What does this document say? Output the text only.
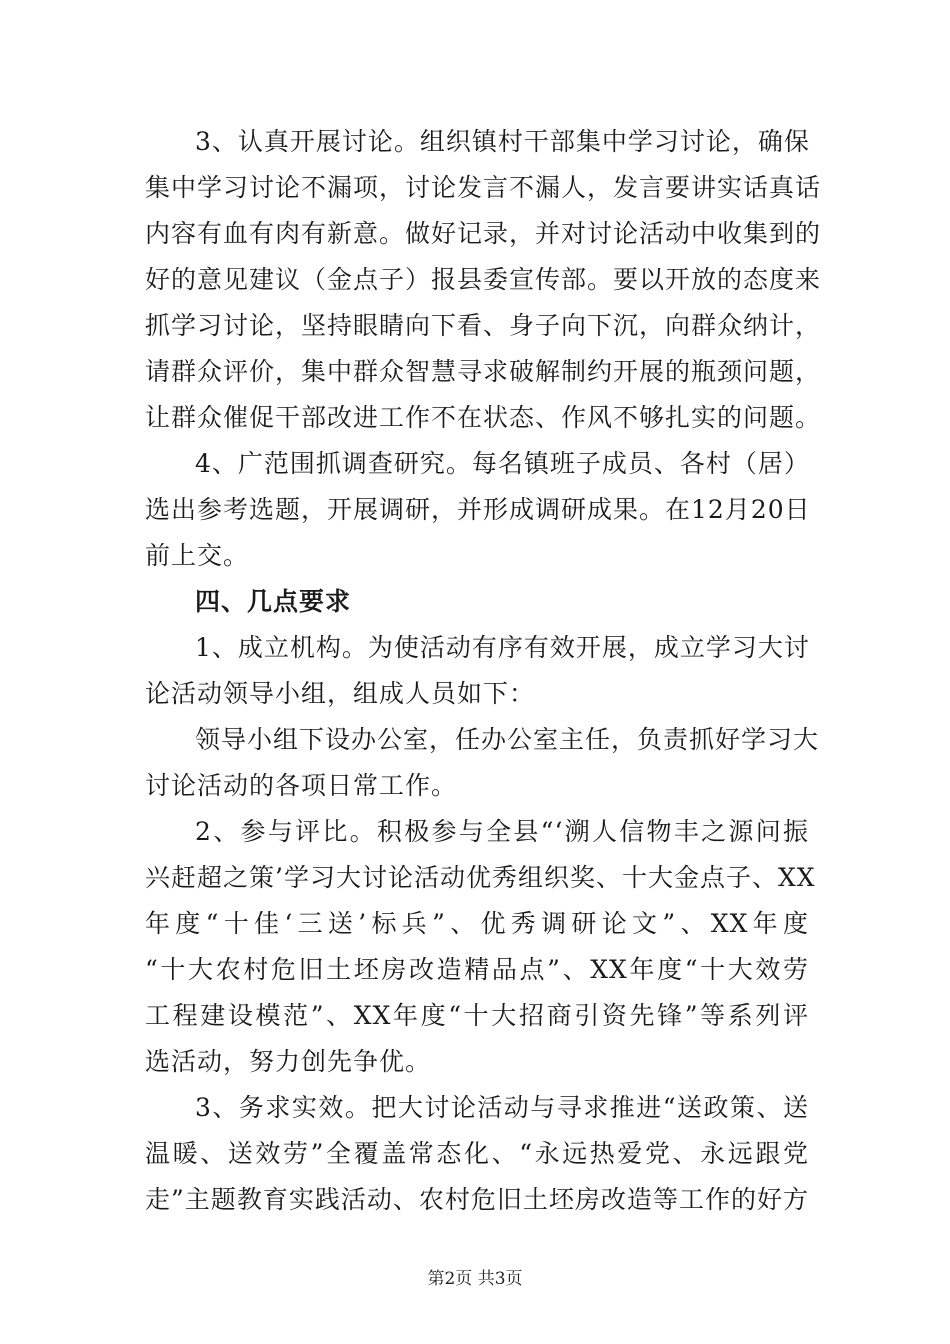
3、认真开展讨论。组织镇村干部集中学习讨论，确保
集中学习讨论不漏项，讨论发言不漏人，发言要讲实话真话
内容有血有肉有新意。做好记录，并对讨论活动中收集到的
好的意见建议（金点子）报县委宣传部。要以开放的态度来
抓学习讨论，坚持眼睛向下看、身子向下沉，向群众纳计，
请群众评价，集中群众智慧寻求破解制约开展的瓶颈问题，
让群众催促干部改进工作不在状态、作风不够扎实的问题。
4、广范围抓调查研究。每名镇班子成员、各村（居）
选出参考选题，开展调研，并形成调研成果。在12月20日
前上交。
四、几点要求
1、成立机构。为使活动有序有效开展，成立学习大讨
论活动领导小组，组成人员如下：
领导小组下设办公室，任办公室主任，负责抓好学习大
讨论活动的各项日常工作。
2、参与评比。积极参与全县“‘溯人信物丰之源问振
兴赶超之策’学习大讨论活动优秀组织奖、十大金点子、XX
年度“十佳‘三送’标兵”、优秀调研论文”、XX年度
“十大农村危旧土坯房改造精品点”、XX年度“十大效劳
工程建设模范”、XX年度“十大招商引资先锋”等系列评
选活动，努力创先争优。
3、务求实效。把大讨论活动与寻求推进“送政策、送
温暖、送效劳”全覆盖常态化、“永远热爱党、永远跟党
走”主题教育实践活动、农村危旧土坯房改造等工作的好方
第2页 共3页
